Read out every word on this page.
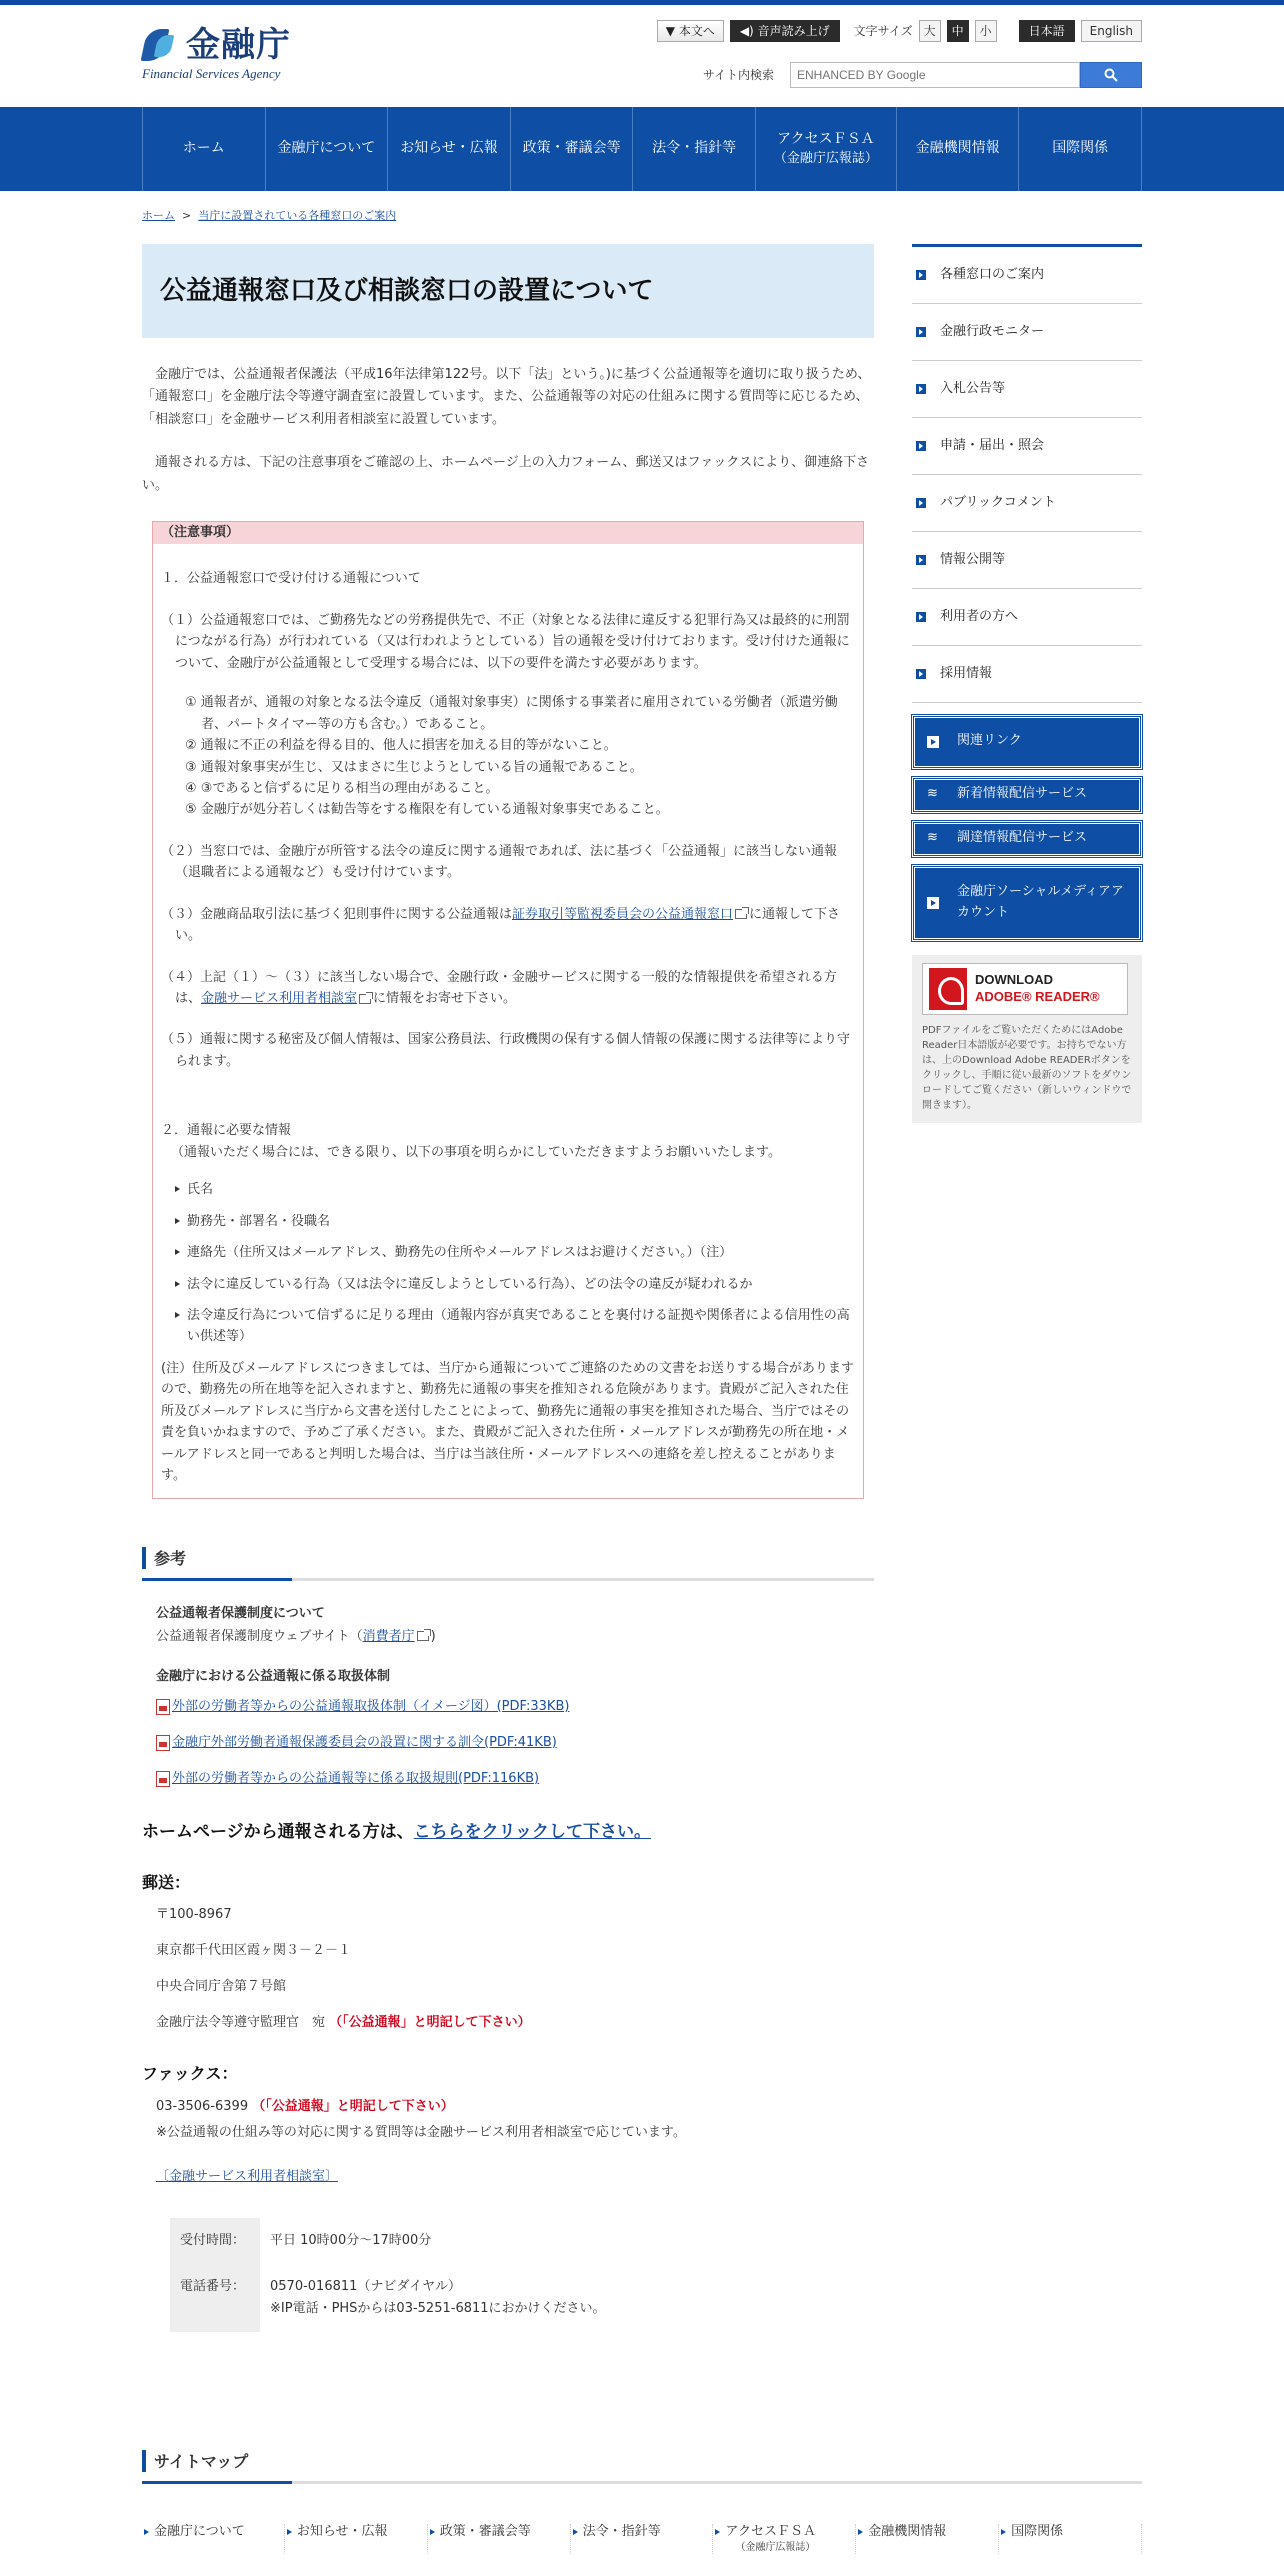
金融庁
Financial Services Agency
▼ 本文へ	◀) 音声読み上げ	文字サイズ 大	中	小	日本語	English
サイト内検索
ENHANCED BY Google
ホーム	金融庁について	お知らせ・広報	政策・審議会等	法令・指針等
アクセスＦＳＡ
（金融庁広報誌）
金融機関情報	国際関係
ホーム > 当庁に設置されている各種窓口のご案内
公益通報窓口及び相談窓口の設置について

金融庁では、公益通報者保護法（平成16年法律第122号。以下「法」という。)に基づく公益通報等を適切に取り扱うため、「通報窓口」を金融庁法令等遵守調査室に設置しています。また、公益通報等の対応の仕組みに関する質問等に応じるため、「相談窓口」を金融サービス利用者相談室に設置しています。

通報される方は、下記の注意事項をご確認の上、ホームページ上の入力フォーム、郵送又はファックスにより、御連絡下さい。

（注意事項）
１．公益通報窓口で受け付ける通報について
（１）公益通報窓口では、ご勤務先などの労務提供先で、不正（対象となる法律に違反する犯罪行為又は最終的に刑罰につながる行為）が行われている（又は行われようとしている）旨の通報を受け付けております。受け付けた通報について、金融庁が公益通報として受理する場合には、以下の要件を満たす必要があります。
① 通報者が、通報の対象となる法令違反（通報対象事実）に関係する事業者に雇用されている労働者（派遣労働者、パートタイマー等の方も含む。）であること。
② 通報に不正の利益を得る目的、他人に損害を加える目的等がないこと。
③ 通報対象事実が生じ、又はまさに生じようとしている旨の通報であること。
④ ③であると信ずるに足りる相当の理由があること。
⑤ 金融庁が処分若しくは勧告等をする権限を有している通報対象事実であること。
（２）当窓口では、金融庁が所管する法令の違反に関する通報であれば、法に基づく「公益通報」に該当しない通報（退職者による通報など）も受け付けています。
（３）金融商品取引法に基づく犯則事件に関する公益通報は証券取引等監視委員会の公益通報窓口 に通報して下さい。
（４）上記（１）～（３）に該当しない場合で、金融行政・金融サービスに関する一般的な情報提供を希望される方は、金融サービス利用者相談室 に情報をお寄せ下さい。
（５）通報に関する秘密及び個人情報は、国家公務員法、行政機関の保有する個人情報の保護に関する法律等により守られます。
２．通報に必要な情報
（通報いただく場合には、できる限り、以下の事項を明らかにしていただきますようお願いいたします。
氏名
勤務先・部署名・役職名
連絡先（住所又はメールアドレス、勤務先の住所やメールアドレスはお避けください。）（注）
法令に違反している行為（又は法令に違反しようとしている行為）、どの法令の違反が疑われるか
法令違反行為について信ずるに足りる理由（通報内容が真実であることを裏付ける証拠や関係者による信用性の高い供述等）
(注）住所及びメールアドレスにつきましては、当庁から通報についてご連絡のための文書をお送りする場合がありますので、勤務先の所在地等を記入されますと、勤務先に通報の事実を推知される危険があります。貴殿がご記入された住所及びメールアドレスに当庁から文書を送付したことによって、勤務先に通報の事実を推知された場合、当庁ではその責を負いかねますので、予めご了承ください。また、貴殿がご記入された住所・メールアドレスが勤務先の所在地・メールアドレスと同一であると判明した場合は、当庁は当該住所・メールアドレスへの連絡を差し控えることがあります。
参考
公益通報者保護制度について
公益通報者保護制度ウェブサイト（消費者庁 )
金融庁における公益通報に係る取扱体制
外部の労働者等からの公益通報取扱体制（イメージ図）(PDF:33KB)
金融庁外部労働者通報保護委員会の設置に関する訓令(PDF:41KB)
外部の労働者等からの公益通報等に係る取扱規則(PDF:116KB)
ホームページから通報される方は、こちらをクリックして下さい。
郵送：
〒100-8967
東京都千代田区霞ヶ関３－２－１
中央合同庁舎第７号館
金融庁法令等遵守監理官　宛 （「公益通報」と明記して下さい）
ファックス：
03-3506-6399 （「公益通報」と明記して下さい）
※公益通報の仕組み等の対応に関する質問等は金融サービス利用者相談室で応じています。
〔金融サービス利用者相談室〕
受付時間：	平日 10時00分～17時00分
電話番号：	0570-016811（ナビダイヤル）
※IP電話・PHSからは03-5251-6811におかけください。
各種窓口のご案内
金融行政モニター
入札公告等
申請・届出・照会
パブリックコメント
情報公開等
利用者の方へ
採用情報
関連リンク
≋ 新着情報配信サービス
≋ 調達情報配信サービス
金融庁ソーシャルメディアアカウント
DOWNLOAD
ADOBE® READER®

PDFファイルをご覧いただくためにはAdobe Reader日本語版が必要です。お持ちでない方は、上のDownload Adobe READERボタンをクリックし、手順に従い最新のソフトをダウンロードしてご覧ください（新しいウィンドウで開きます）。

サイトマップ
金融庁について	お知らせ・広報	政策・審議会等	法令・指針等	アクセスＦＳＡ
（金融庁広報誌）
金融機関情報	国際関係
